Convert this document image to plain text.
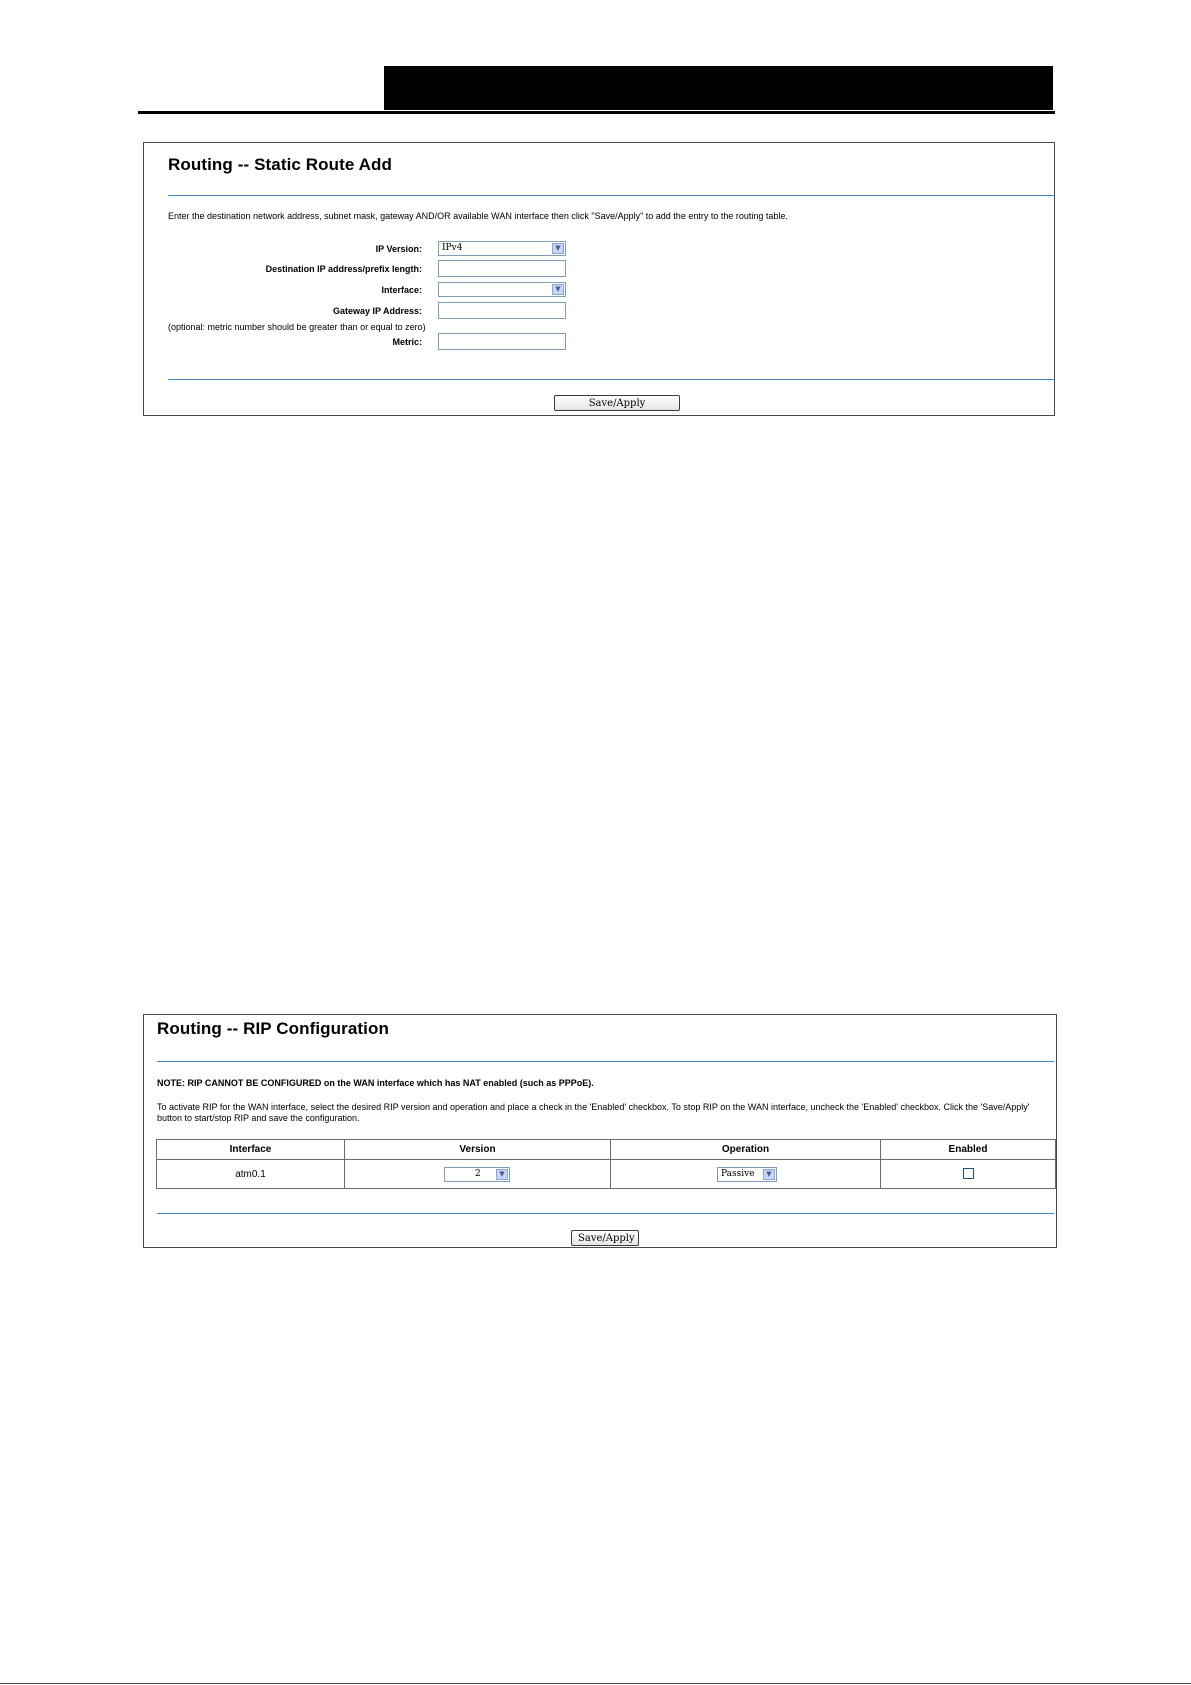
Routing -- Static Route Add
Enter the destination network address, subnet mask, gateway AND/OR available WAN interface then click "Save/Apply" to add the entry to the routing table.
IP Version: IPv4	▼
Destination IP address/prefix length:
Interface:	▼
Gateway IP Address:
(optional: metric number should be greater than or equal to zero)
Metric:
Save/Apply
Routing -- RIP Configuration
NOTE: RIP CANNOT BE CONFIGURED on the WAN interface which has NAT enabled (such as PPPoE).
To activate RIP for the WAN interface, select the desired RIP version and operation and place a check in the 'Enabled' checkbox. To stop RIP on the WAN interface, uncheck the 'Enabled' checkbox. Click the 'Save/Apply' button to start/stop RIP and save the configuration.
Interface	Version	Operation	Enabled
atm0.1	2 ▼	Passive ▼	

Save/Apply
